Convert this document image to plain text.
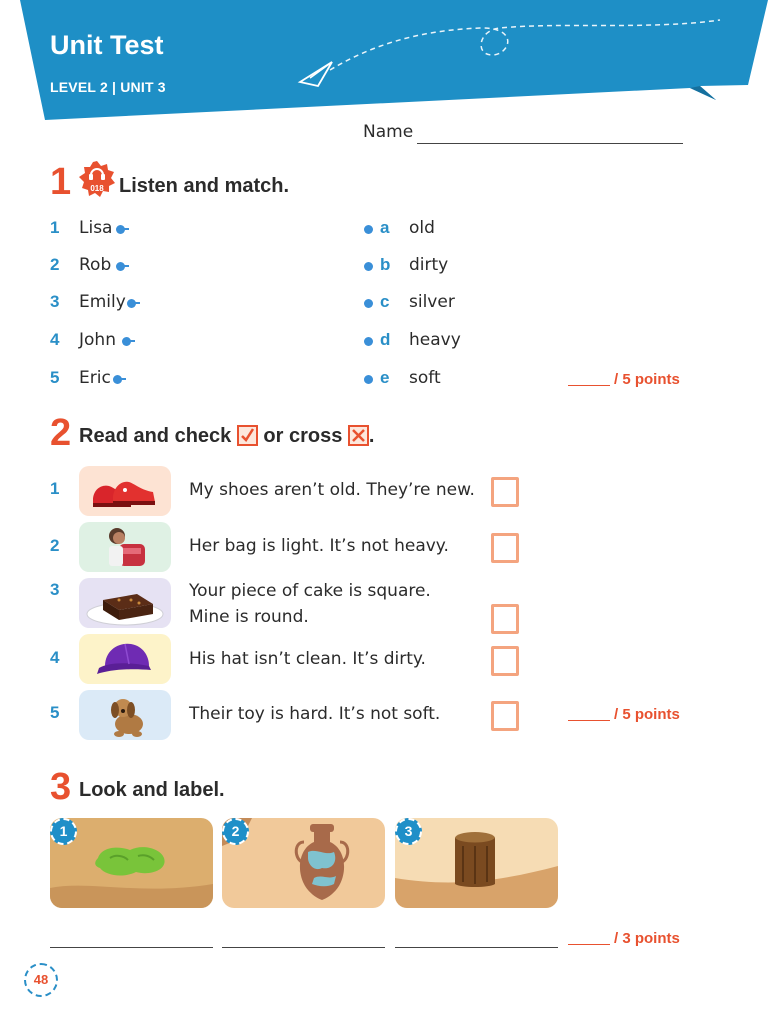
Unit Test
LEVEL 2 | UNIT 3
Name
1 018 Listen and match.
1 Lisa	a old
2 Rob	b dirty
3 Emily	c silver
4 John	d heavy
5 Eric	e soft	/ 5 points
2 Read and check or cross .
1	My shoes aren’t old. They’re new.
2	Her bag is light. It’s not heavy.
3	Your piece of cake is square.
Mine is round.
4	His hat isn’t clean. It’s dirty.
5	Their toy is hard. It’s not soft.	/ 5 points
3 Look and label.
1	2	3
/ 3 points
48
